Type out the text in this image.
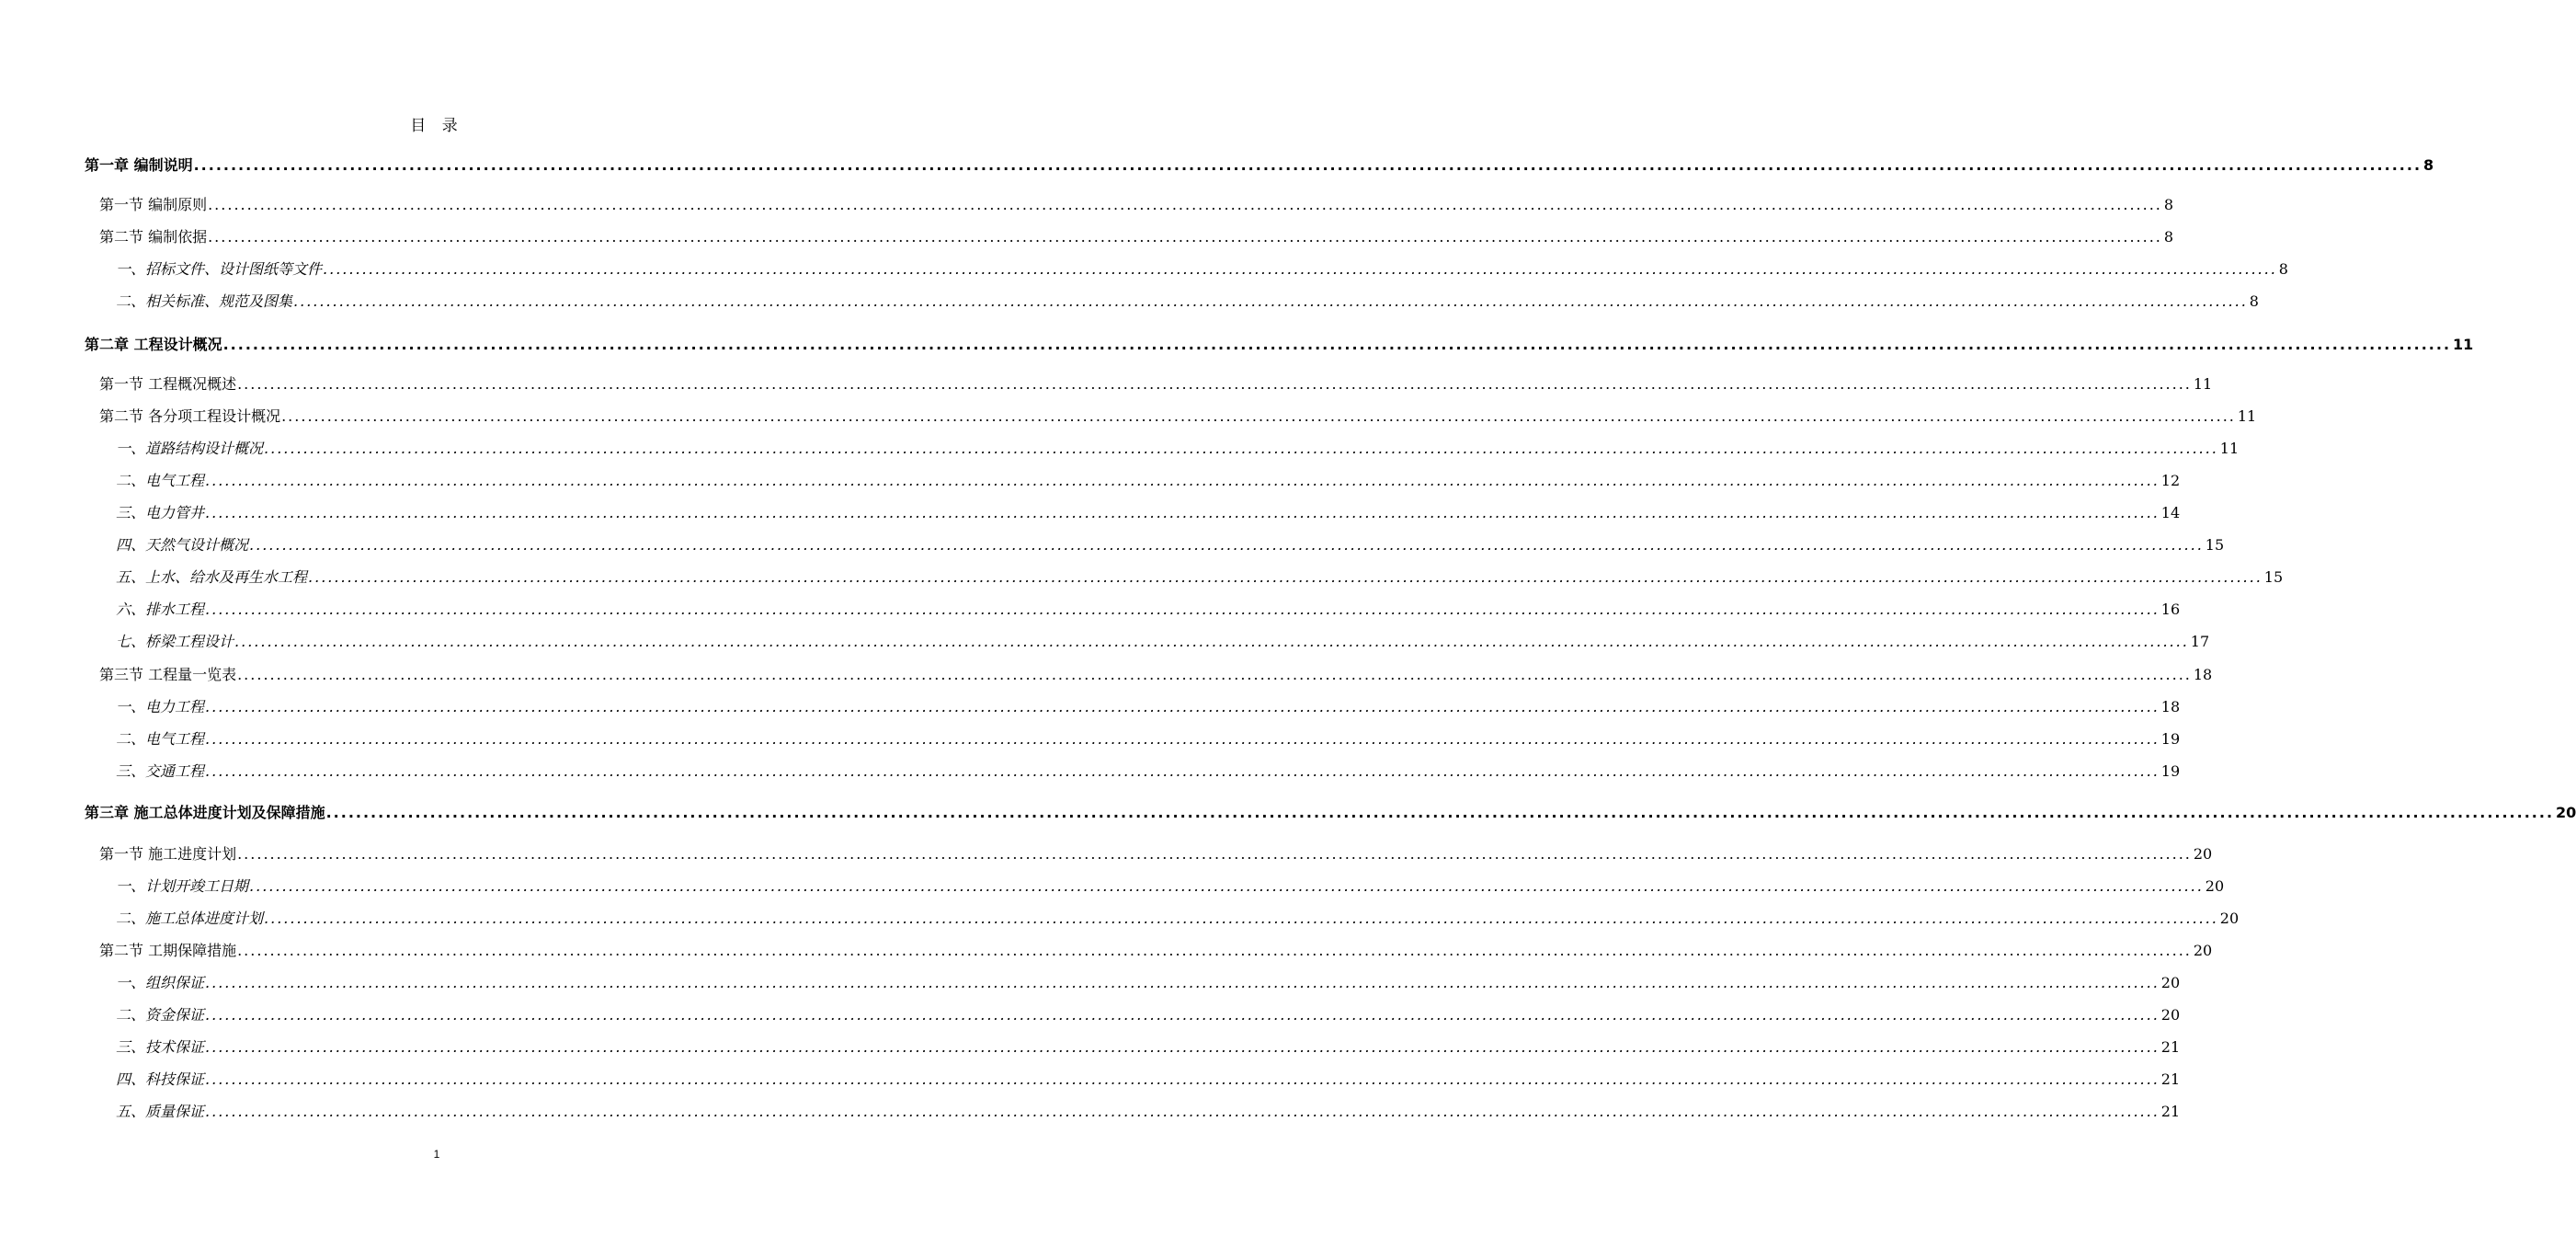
目 录
第一章 编制说明 ............................................................................................................................................................................................................................................................................................................ 8
第一节 编制原则 ............................................................................................................................................................................................................................................................................................................ 8
第二节 编制依据 ............................................................................................................................................................................................................................................................................................................ 8
一、招标文件、设计图纸等文件 ............................................................................................................................................................................................................................................................................................................ 8
二、相关标准、规范及图集 ............................................................................................................................................................................................................................................................................................................ 8
第二章 工程设计概况 ............................................................................................................................................................................................................................................................................................................ 11
第一节 工程概况概述 ............................................................................................................................................................................................................................................................................................................ 11
第二节 各分项工程设计概况 ............................................................................................................................................................................................................................................................................................................ 11
一、道路结构设计概况 ............................................................................................................................................................................................................................................................................................................ 11
二、电气工程 ............................................................................................................................................................................................................................................................................................................ 12
三、电力管井 ............................................................................................................................................................................................................................................................................................................ 14
四、天然气设计概况 ............................................................................................................................................................................................................................................................................................................ 15
五、上水、给水及再生水工程 ............................................................................................................................................................................................................................................................................................................ 15
六、排水工程 ............................................................................................................................................................................................................................................................................................................ 16
七、桥梁工程设计 ............................................................................................................................................................................................................................................................................................................ 17
第三节 工程量一览表 ............................................................................................................................................................................................................................................................................................................ 18
一、电力工程 ............................................................................................................................................................................................................................................................................................................ 18
二、电气工程 ............................................................................................................................................................................................................................................................................................................ 19
三、交通工程 ............................................................................................................................................................................................................................................................................................................ 19
第三章 施工总体进度计划及保障措施 ............................................................................................................................................................................................................................................................................................................ 20
第一节 施工进度计划 ............................................................................................................................................................................................................................................................................................................ 20
一、计划开竣工日期 ............................................................................................................................................................................................................................................................................................................ 20
二、施工总体进度计划 ............................................................................................................................................................................................................................................................................................................ 20
第二节 工期保障措施 ............................................................................................................................................................................................................................................................................................................ 20
一、组织保证 ............................................................................................................................................................................................................................................................................................................ 20
二、资金保证 ............................................................................................................................................................................................................................................................................................................ 20
三、技术保证 ............................................................................................................................................................................................................................................................................................................ 21
四、科技保证 ............................................................................................................................................................................................................................................................................................................ 21
五、质量保证 ............................................................................................................................................................................................................................................................................................................ 21
1
